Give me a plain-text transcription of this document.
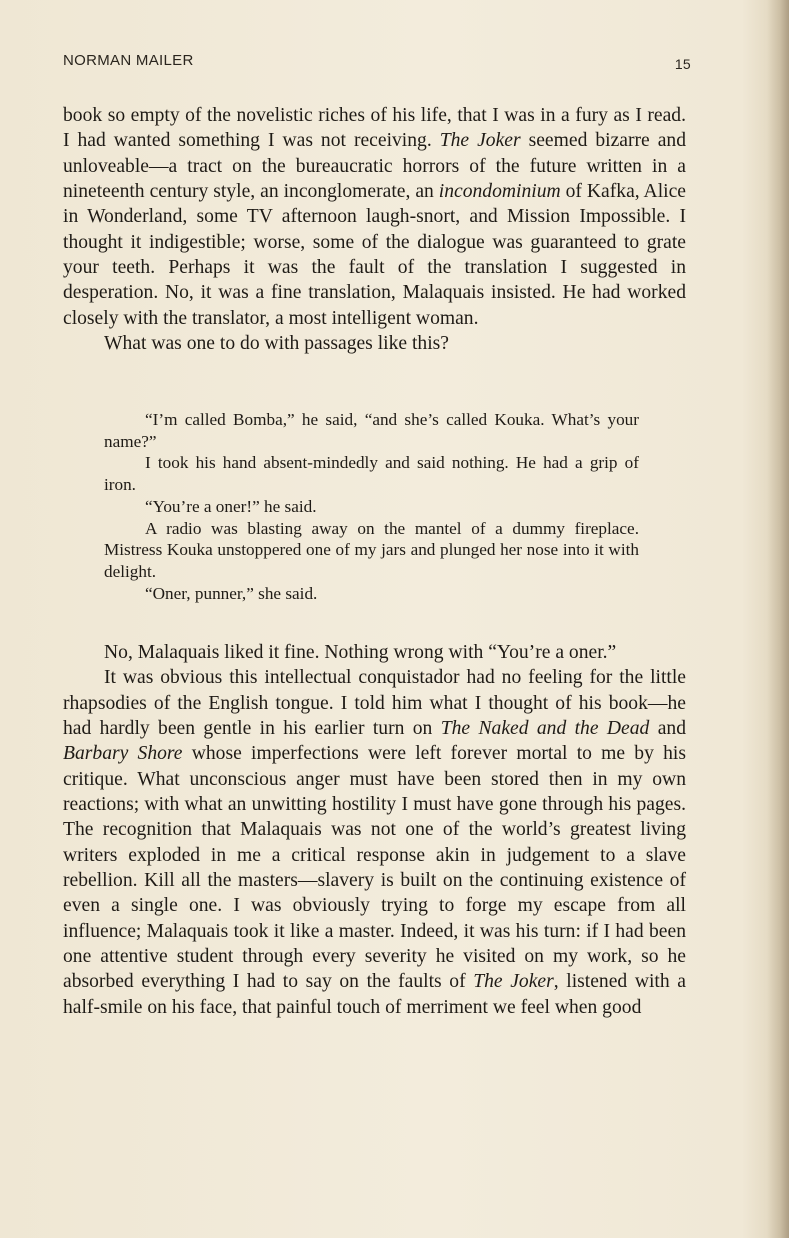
NORMAN MAILER	15

book so empty of the novelistic riches of his life, that I was in a fury as I read. I had wanted something I was not receiving. The Joker seemed bizarre and unloveable—a tract on the bureaucratic horrors of the future written in a nineteenth century style, an inconglomerate, an incondominium of Kafka, Alice in Wonderland, some TV afternoon laugh-snort, and Mission Impossible. I thought it indigestible; worse, some of the dialogue was guaranteed to grate your teeth. Perhaps it was the fault of the translation I suggested in desperation. No, it was a fine translation, Malaquais insisted. He had worked closely with the translator, a most intelligent woman.

What was one to do with passages like this?

“I’m called Bomba,” he said, “and she’s called Kouka. What’s your name?”

I took his hand absent-mindedly and said nothing. He had a grip of iron.

“You’re a oner!” he said.

A radio was blasting away on the mantel of a dummy fireplace. Mistress Kouka unstoppered one of my jars and plunged her nose into it with delight.

“Oner, punner,” she said.

No, Malaquais liked it fine. Nothing wrong with “You’re a oner.”

It was obvious this intellectual conquistador had no feeling for the little rhapsodies of the English tongue. I told him what I thought of his book—he had hardly been gentle in his earlier turn on The Naked and the Dead and Barbary Shore whose imperfections were left forever mortal to me by his critique. What unconscious anger must have been stored then in my own reactions; with what an unwitting hostility I must have gone through his pages. The recognition that Malaquais was not one of the world’s greatest living writers exploded in me a critical response akin in judgement to a slave rebellion. Kill all the masters—slavery is built on the continuing existence of even a single one. I was obviously trying to forge my escape from all influence; Malaquais took it like a master. Indeed, it was his turn: if I had been one attentive student through every severity he visited on my work, so he absorbed everything I had to say on the faults of The Joker, listened with a half-smile on his face, that painful touch of merriment we feel when good
